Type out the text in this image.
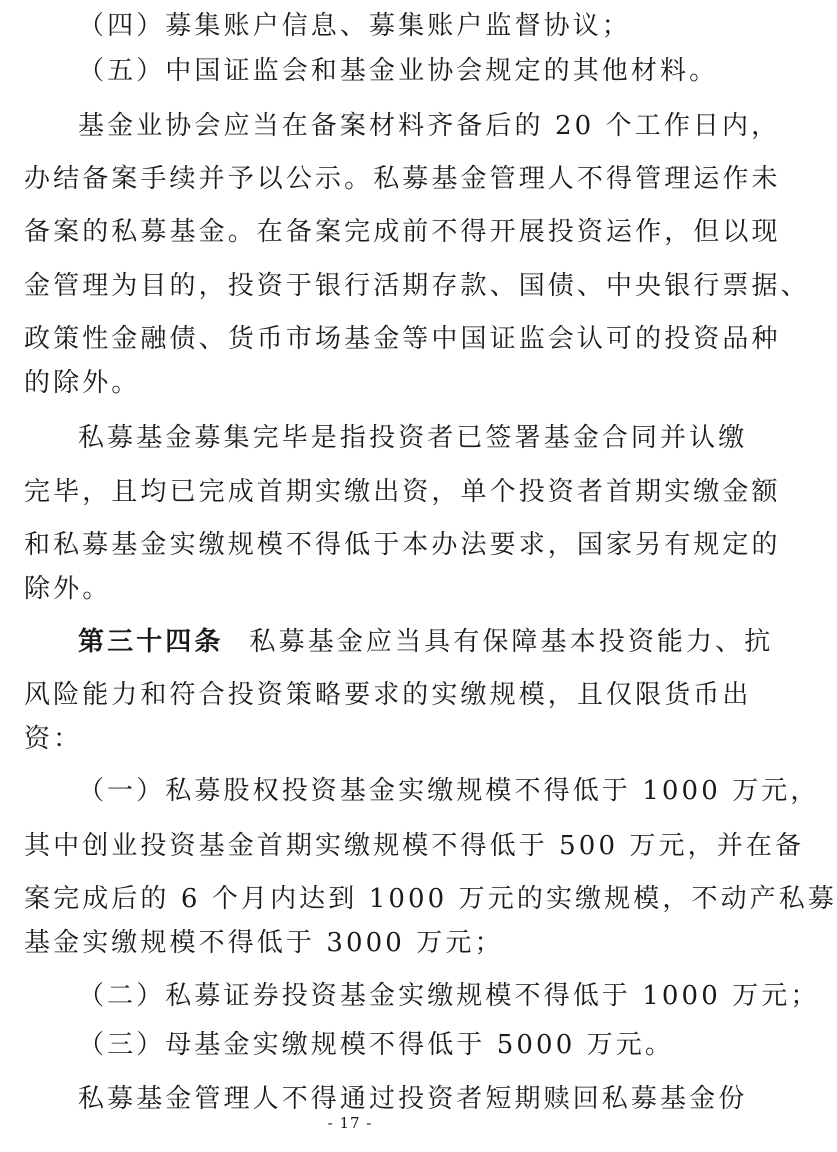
（四）募集账户信息、募集账户监督协议；
（五）中国证监会和基金业协会规定的其他材料。
基金业协会应当在备案材料齐备后的 20 个工作日内，
办结备案手续并予以公示。私募基金管理人不得管理运作未
备案的私募基金。在备案完成前不得开展投资运作，但以现
金管理为目的，投资于银行活期存款、国债、中央银行票据、
政策性金融债、货币市场基金等中国证监会认可的投资品种
的除外。
私募基金募集完毕是指投资者已签署基金合同并认缴
完毕，且均已完成首期实缴出资，单个投资者首期实缴金额
和私募基金实缴规模不得低于本办法要求，国家另有规定的
除外。
第三十四条 私募基金应当具有保障基本投资能力、抗
风险能力和符合投资策略要求的实缴规模，且仅限货币出
资：
（一）私募股权投资基金实缴规模不得低于 1000 万元，
其中创业投资基金首期实缴规模不得低于 500 万元，并在备
案完成后的 6 个月内达到 1000 万元的实缴规模，不动产私募
基金实缴规模不得低于 3000 万元；
（二）私募证券投资基金实缴规模不得低于 1000 万元；
（三）母基金实缴规模不得低于 5000 万元。
私募基金管理人不得通过投资者短期赎回私募基金份
- 17 -
